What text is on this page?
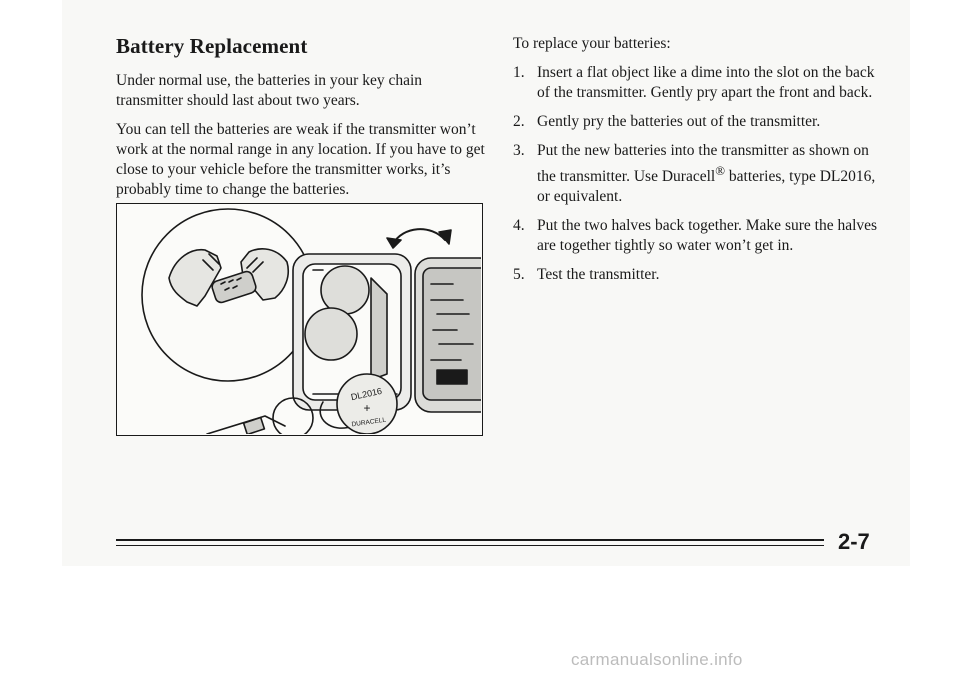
Battery Replacement

Under normal use, the batteries in your key chain transmitter should last about two years.

You can tell the batteries are weak if the transmitter won’t work at the normal range in any location. If you have to get close to your vehicle before the transmitter works, it’s probably time to change the batteries.

DL2016
+
DURACELL

To replace your batteries:

1. Insert a flat object like a dime into the slot on the back of the transmitter. Gently pry apart the front and back.
2. Gently pry the batteries out of the transmitter.
3. Put the new batteries into the transmitter as shown on the transmitter. Use Duracell® batteries, type DL2016, or equivalent.
4. Put the two halves back together. Make sure the halves are together tightly so water won’t get in.
5. Test the transmitter.
2-7
carmanualsonline.info
